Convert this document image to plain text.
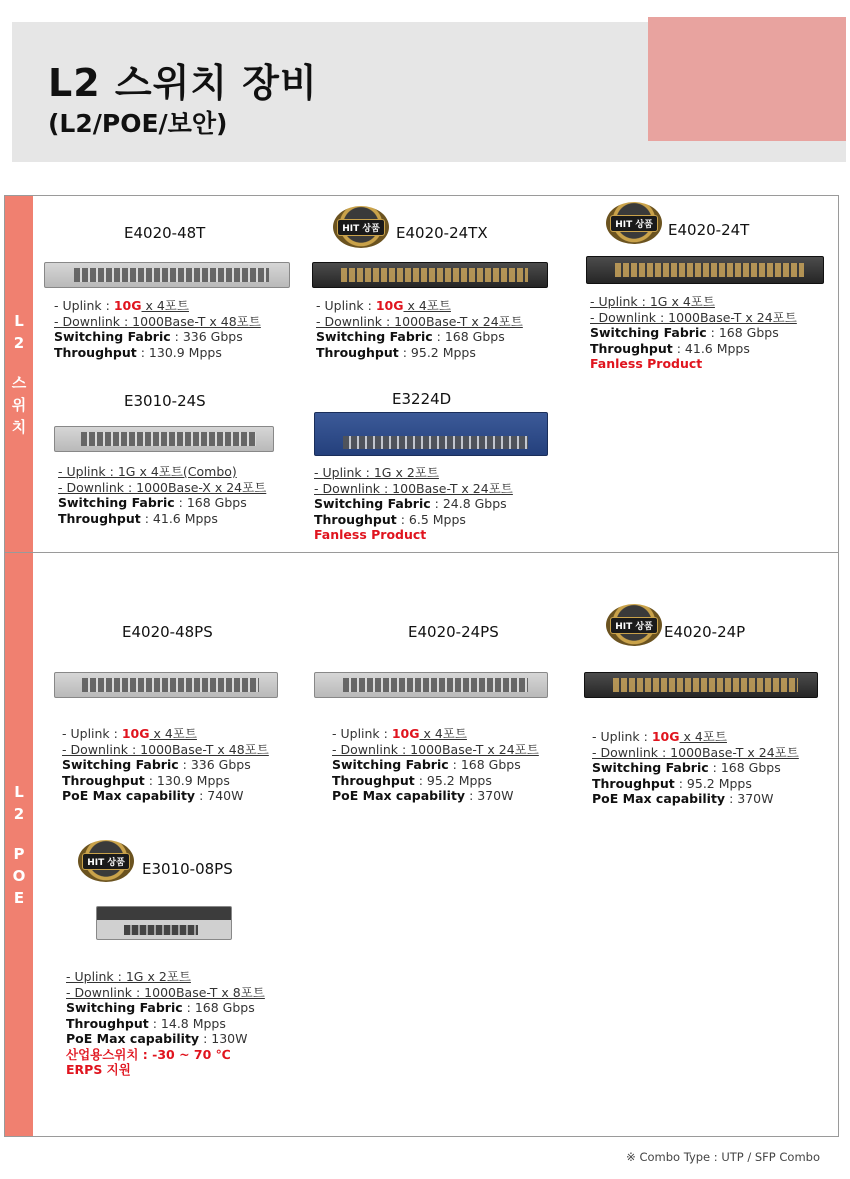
L2 스위치 장비
(L2/POE/보안)
L
2
스
위
치
L
2
P
O
E
E4020-48T
- Uplink : 10G x 4포트
- Downlink : 1000Base-T x 48포트
Switching Fabric : 336 Gbps
Throughput : 130.9 Mpps
HIT 상품	E4020-24TX
- Uplink : 10G x 4포트
- Downlink : 1000Base-T x 24포트
Switching Fabric : 168 Gbps
Throughput : 95.2 Mpps
HIT 상품	E4020-24T
- Uplink : 1G x 4포트
- Downlink : 1000Base-T x 24포트
Switching Fabric : 168 Gbps
Throughput : 41.6 Mpps
Fanless Product
E3010-24S
- Uplink : 1G x 4포트(Combo)
- Downlink : 1000Base-X x 24포트
Switching Fabric : 168 Gbps
Throughput : 41.6 Mpps
E3224D
- Uplink : 1G x 2포트
- Downlink : 100Base-T x 24포트
Switching Fabric : 24.8 Gbps
Throughput : 6.5 Mpps
Fanless Product
E4020-48PS
- Uplink : 10G x 4포트
- Downlink : 1000Base-T x 48포트
Switching Fabric : 336 Gbps
Throughput : 130.9 Mpps
PoE Max capability : 740W
E4020-24PS
- Uplink : 10G x 4포트
- Downlink : 1000Base-T x 24포트
Switching Fabric : 168 Gbps
Throughput : 95.2 Mpps
PoE Max capability : 370W
HIT 상품 E4020-24P
- Uplink : 10G x 4포트
- Downlink : 1000Base-T x 24포트
Switching Fabric : 168 Gbps
Throughput : 95.2 Mpps
PoE Max capability : 370W
HIT 상품	E3010-08PS
- Uplink : 1G x 2포트
- Downlink : 1000Base-T x 8포트
Switching Fabric : 168 Gbps
Throughput : 14.8 Mpps
PoE Max capability : 130W
산업용스위치 : -30 ~ 70 ℃
ERPS 지원
※ Combo Type : UTP / SFP Combo
